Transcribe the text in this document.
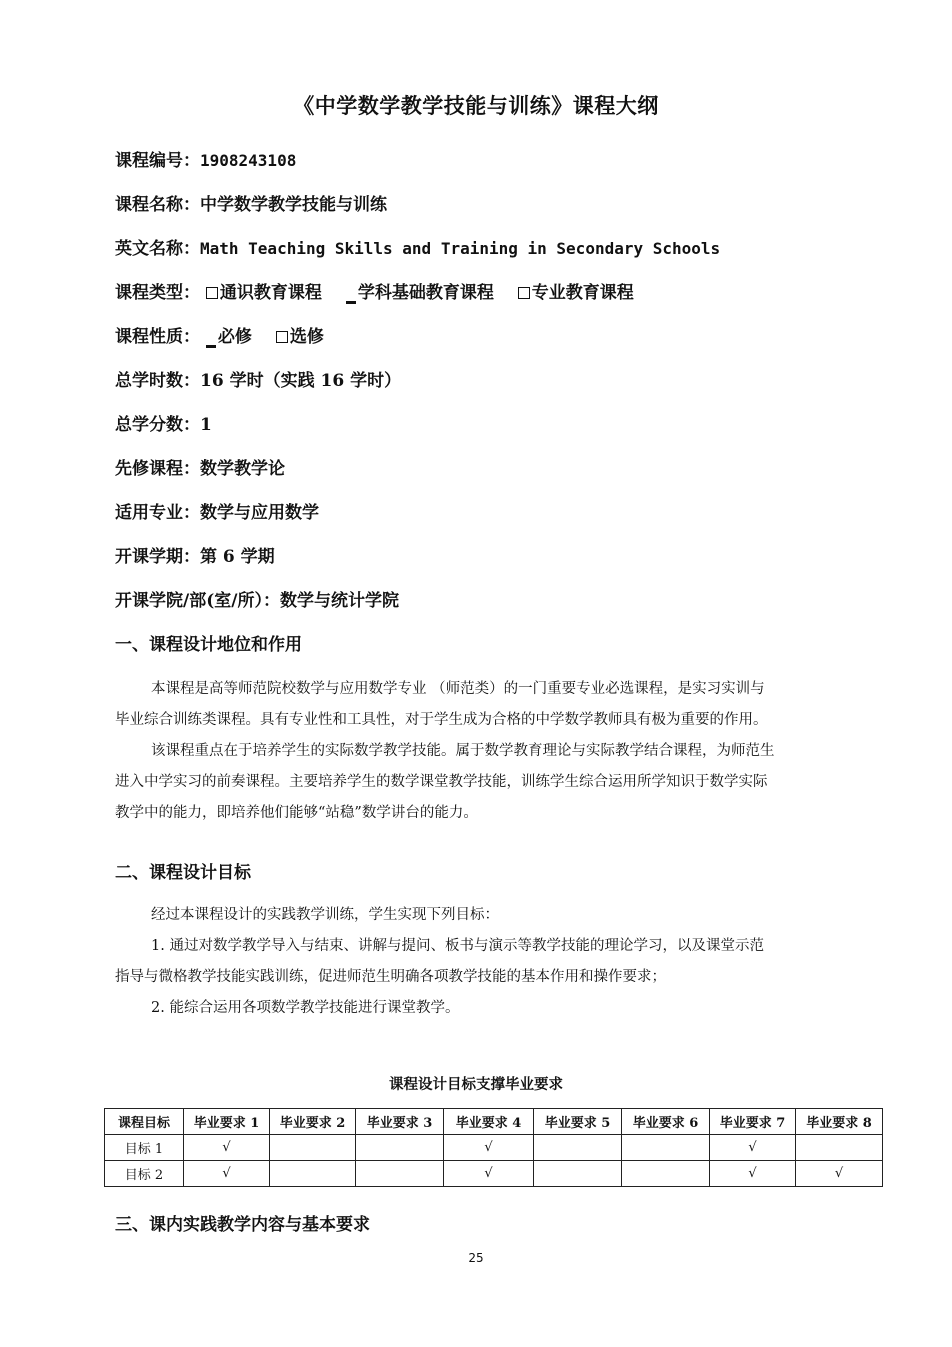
《中学数学教学技能与训练》课程大纲
课程编号：1908243108
课程名称：中学数学教学技能与训练
英文名称：Math Teaching Skills and Training in Secondary Schools
课程类型： 通识教育课程 学科基础教育课程 专业教育课程
课程性质： 必修 选修
总学时数：16 学时（实践 16 学时）
总学分数：1
先修课程：数学教学论
适用专业：数学与应用数学
开课学期：第 6 学期
开课学院/部(室/所）：数学与统计学院
一、课程设计地位和作用
本课程是高等师范院校数学与应用数学专业 （师范类）的一门重要专业必选课程，是实习实训与
毕业综合训练类课程。具有专业性和工具性，对于学生成为合格的中学数学教师具有极为重要的作用。
该课程重点在于培养学生的实际数学教学技能。属于数学教育理论与实际教学结合课程，为师范生
进入中学实习的前奏课程。主要培养学生的数学课堂教学技能，训练学生综合运用所学知识于数学实际
教学中的能力，即培养他们能够“站稳”数学讲台的能力。
二、课程设计目标
经过本课程设计的实践教学训练，学生实现下列目标：
1. 通过对数学教学导入与结束、讲解与提问、板书与演示等教学技能的理论学习，以及课堂示范
指导与微格教学技能实践训练，促进师范生明确各项教学技能的基本作用和操作要求；
2. 能综合运用各项数学教学技能进行课堂教学。
课程设计目标支撑毕业要求
课程目标	毕业要求 1	毕业要求 2	毕业要求 3	毕业要求 4	毕业要求 5	毕业要求 6	毕业要求 7	毕业要求 8
目标 1	√			√			√	
目标 2	√			√			√	√
三、课内实践教学内容与基本要求
25
